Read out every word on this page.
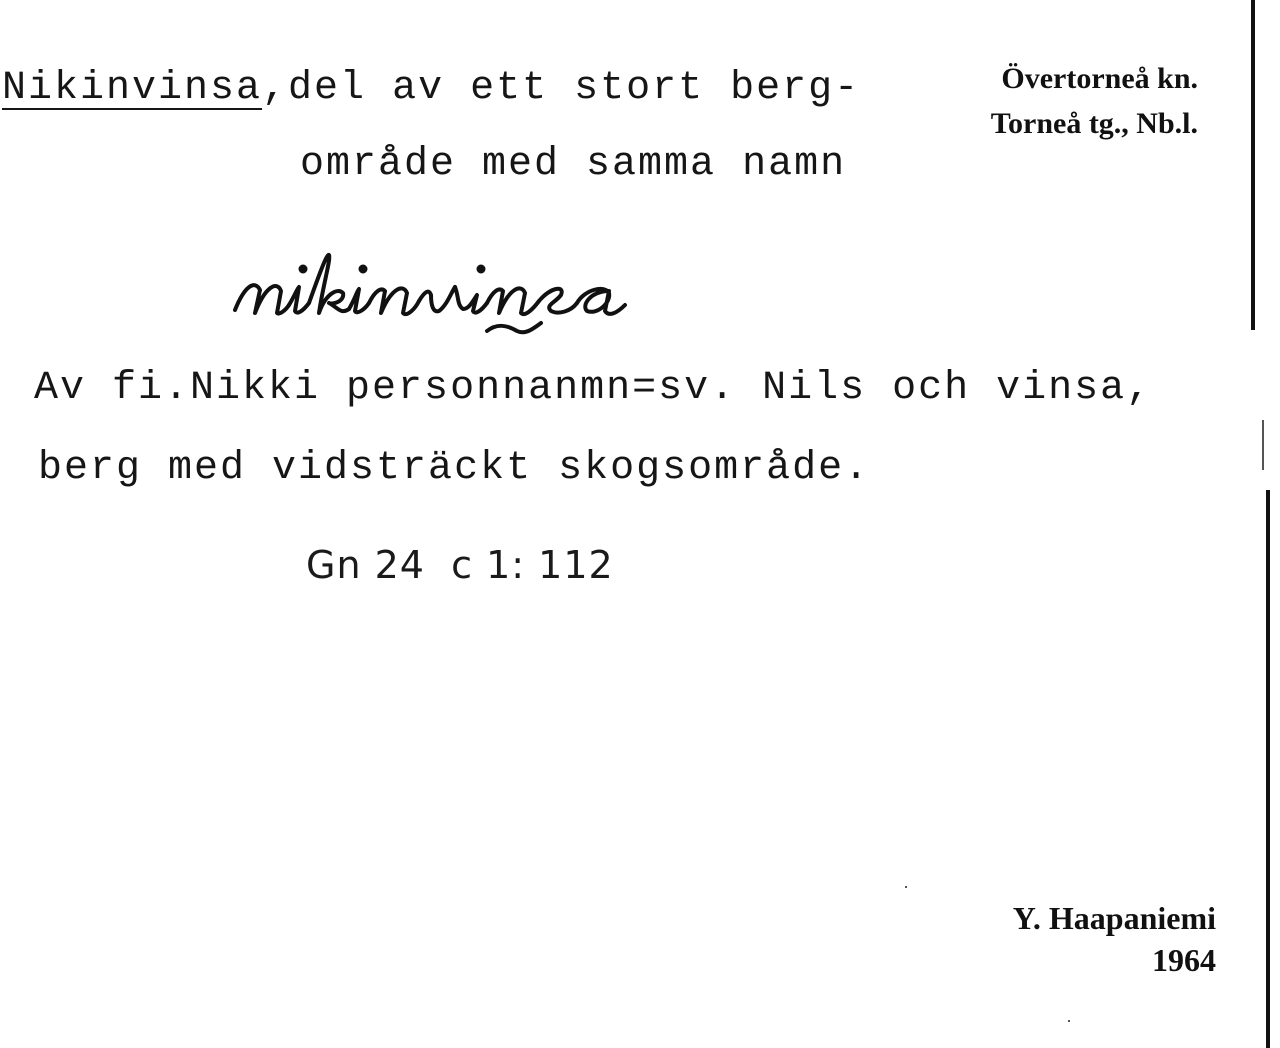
Nikinvinsa,del av ett stort berg-
område med samma namn
Övertorneå kn.
Torneå tg., Nb.l.
Av fi.Nikki personnanmn=sv. Nils och vinsa,
berg med vidsträckt skogsområde.
Gn 24  c 1: 112
Y. Haapaniemi
1964
